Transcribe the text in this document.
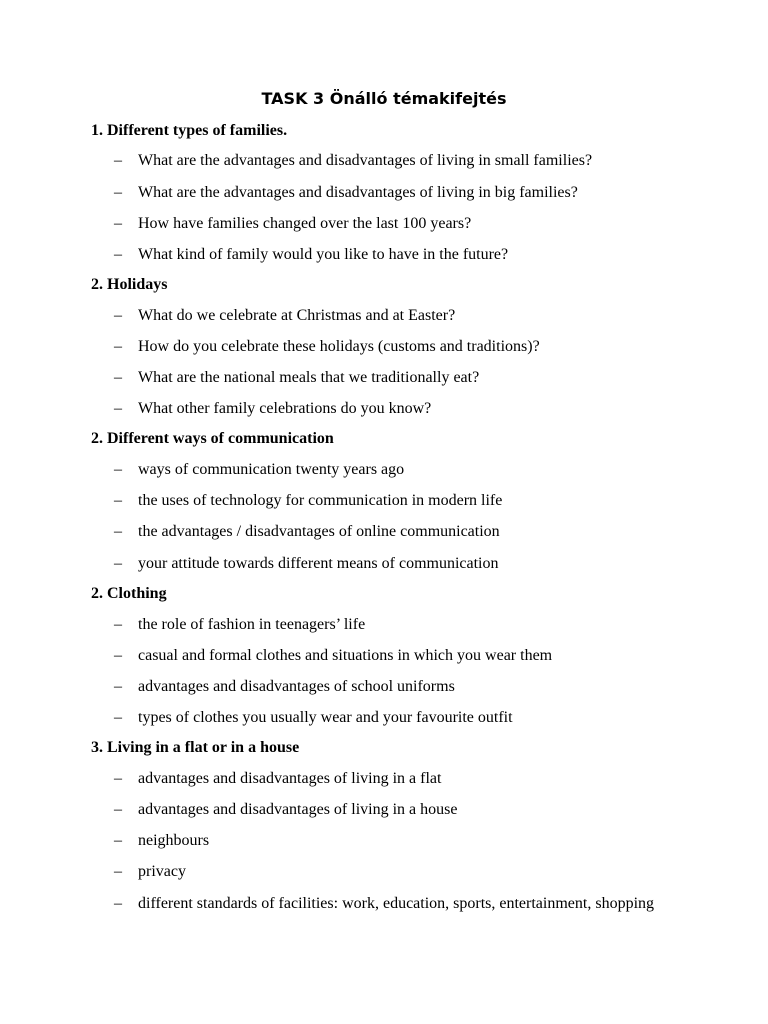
TASK 3 Önálló témakifejtés
1. Different types of families.
– What are the advantages and disadvantages of living in small families?
– What are the advantages and disadvantages of living in big families?
– How have families changed over the last 100 years?
– What kind of family would you like to have in the future?
2. Holidays
– What do we celebrate at Christmas and at Easter?
– How do you celebrate these holidays (customs and traditions)?
– What are the national meals that we traditionally eat?
– What other family celebrations do you know?
2. Different ways of communication
– ways of communication twenty years ago
– the uses of technology for communication in modern life
– the advantages / disadvantages of online communication
– your attitude towards different means of communication
2. Clothing
– the role of fashion in teenagers’ life
– casual and formal clothes and situations in which you wear them
– advantages and disadvantages of school uniforms
– types of clothes you usually wear and your favourite outfit
3. Living in a flat or in a house
– advantages and disadvantages of living in a flat
– advantages and disadvantages of living in a house
– neighbours
– privacy
– different standards of facilities: work, education, sports, entertainment, shopping
